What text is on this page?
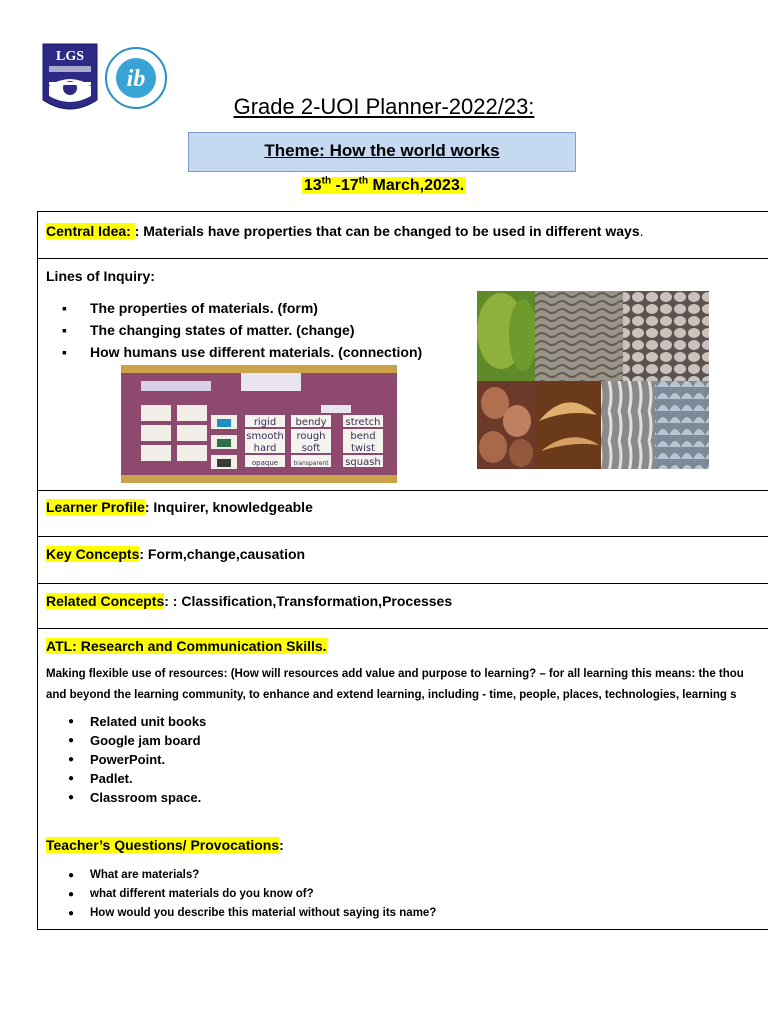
LGS
ib
Grade 2-UOI Planner-2022/23:
Theme: How the world works
13th -17th March,2023.
Central Idea: : Materials have properties that can be changed to be used in different ways.
Lines of Inquiry:
▪ The properties of materials. (form)
▪ The changing states of matter. (change)
▪ How humans use different materials. (connection)
rigid
smooth
hard
opaque
bendy
rough
soft
transparent
stretch
bend
twist
squash
Learner Profile: Inquirer, knowledgeable
Key Concepts: Form,change,causation
Related Concepts: : Classification,Transformation,Processes
ATL: Research and Communication Skills.
Making flexible use of resources: (How will resources add value and purpose to learning? – for all learning this means: the thou
and beyond the learning community, to enhance and extend learning, including - time, people, places, technologies, learning s
● Related unit books
● Google jam board
● PowerPoint.
● Padlet.
● Classroom space.
Teacher’s Questions/ Provocations:
● What are materials?
● what different materials do you know of?
● How would you describe this material without saying its name?
